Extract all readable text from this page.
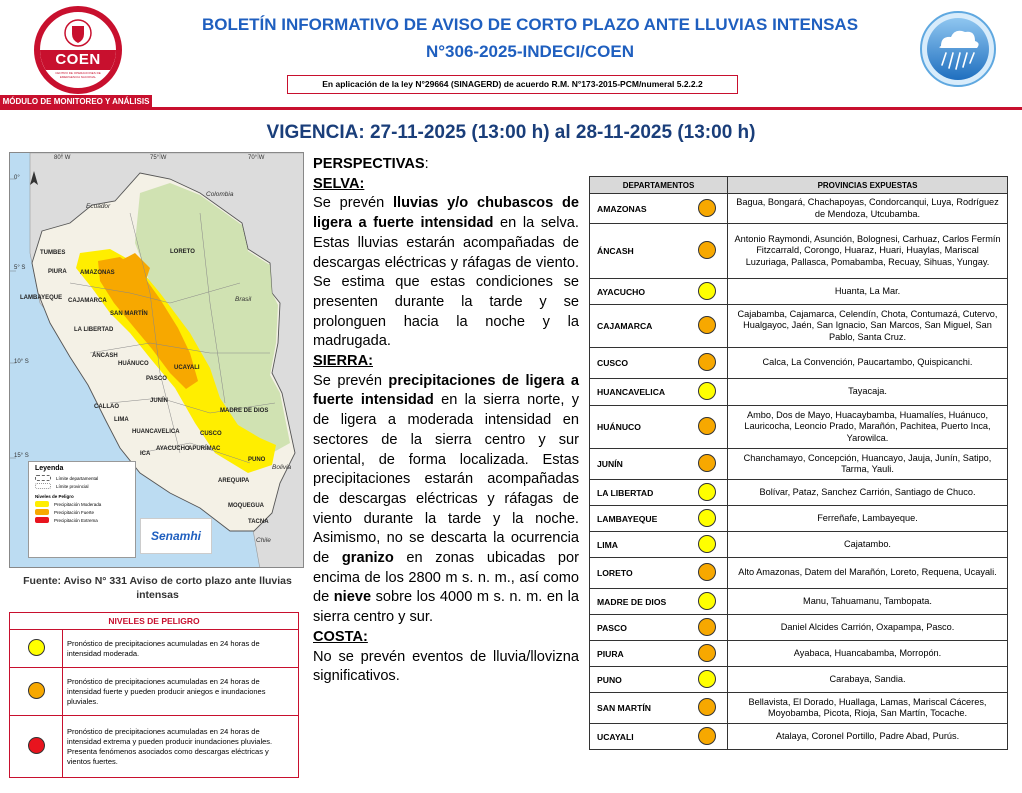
COEN
CENTRO DE OPERACIONES DE EMERGENCIA NACIONAL
MÓDULO DE MONITOREO Y ANÁLISIS
BOLETÍN INFORMATIVO DE AVISO DE CORTO PLAZO ANTE LLUVIAS INTENSAS
N°306-2025-INDECI/COEN
En aplicación de la ley N°29664 (SINAGERD) de acuerdo R.M. N°173-2015-PCM/numeral 5.2.2.2
VIGENCIA: 27-11-2025 (13:00 h) al 28-11-2025 (13:00 h)
80° W	75° W	70° W
0°
5° S
10° S
15° S
Ecuador
Colombia
Brasil
Bolivia
Chile
TUMBES	LORETO
PIURA AMAZONAS
LAMBAYEQUE CAJAMARCA
SAN MARTÍN
LA LIBERTAD
ÁNCASH
HUÁNUCO
UCAYALI
PASCO
CALLAO
JUNÍN
MADRE DE DIOS
LIMA
HUANCAVELICA	CUSCO
APURÍMAC
ICA
AYACUCHO
PUNO
AREQUIPA
MOQUEGUA
TACNA
Leyenda
Límite departamental
Límite provincial
Niveles de Peligro
Precipitación Moderada
Precipitación Fuerte
Precipitación Extrema
Senamhi
Fuente: Aviso N° 331 Aviso de corto plazo ante lluvias intensas
NIVELES DE PELIGRO	
	Pronóstico de precipitaciones acumuladas en 24 horas de intensidad moderada.
	Pronóstico de precipitaciones acumuladas en 24 horas de intensidad fuerte y pueden producir aniegos e inundaciones pluviales.
	Pronóstico de precipitaciones acumuladas en 24 horas de intensidad extrema y pueden producir inundaciones pluviales. Presenta fenómenos asociados como descargas eléctricas y vientos fuertes.

PERSPECTIVAS:

SELVA:

Se prevén lluvias y/o chubascos de ligera a fuerte intensidad en la selva. Estas lluvias estarán acompañadas de descargas eléctricas y ráfagas de viento. Se estima que estas condiciones se presenten durante la tarde y se prolonguen hacia la noche y la madrugada.

SIERRA:

Se prevén precipitaciones de ligera a fuerte intensidad en la sierra norte, y de ligera a moderada intensidad en sectores de la sierra centro y sur oriental, de forma localizada. Estas precipitaciones estarán acompañadas de descargas eléctricas y ráfagas de viento durante la tarde y la noche. Asimismo, no se descarta la ocurrencia de granizo en zonas ubicadas por encima de los 2800 m s. n. m., así como de nieve sobre los 4000 m s. n. m. en la sierra centro y sur.

COSTA:

No se prevén eventos de lluvia/llovizna significativos.

DEPARTAMENTOS		PROVINCIAS EXPUESTAS
AMAZONAS		Bagua, Bongará, Chachapoyas, Condorcanqui, Luya, Rodríguez de Mendoza, Utcubamba.
ÁNCASH		Antonio Raymondi, Asunción, Bolognesi, Carhuaz, Carlos Fermín Fitzcarrald, Corongo, Huaraz, Huari, Huaylas, Mariscal Luzuriaga, Pallasca, Pomabamba, Recuay, Sihuas, Yungay.
AYACUCHO		Huanta, La Mar.
CAJAMARCA		Cajabamba, Cajamarca, Celendín, Chota, Contumazá, Cutervo, Hualgayoc, Jaén, San Ignacio, San Marcos, San Miguel, San Pablo, Santa Cruz.
CUSCO		Calca, La Convención, Paucartambo, Quispicanchi.
HUANCAVELICA		Tayacaja.
HUÁNUCO		Ambo, Dos de Mayo, Huacaybamba, Huamalíes, Huánuco, Lauricocha, Leoncio Prado, Marañón, Pachitea, Puerto Inca, Yarowilca.
JUNÍN		Chanchamayo, Concepción, Huancayo, Jauja, Junín, Satipo, Tarma, Yauli.
LA LIBERTAD		Bolívar, Pataz, Sanchez Carrión, Santiago de Chuco.
LAMBAYEQUE		Ferreñafe, Lambayeque.
LIMA		Cajatambo.
LORETO		Alto Amazonas, Datem del Marañón, Loreto, Requena, Ucayali.
MADRE DE DIOS		Manu, Tahuamanu, Tambopata.
PASCO		Daniel Alcides Carrión, Oxapampa, Pasco.
PIURA		Ayabaca, Huancabamba, Morropón.
PUNO		Carabaya, Sandia.
SAN MARTÍN		Bellavista, El Dorado, Huallaga, Lamas, Mariscal Cáceres, Moyobamba, Picota, Rioja, San Martín, Tocache.
UCAYALI		Atalaya, Coronel Portillo, Padre Abad, Purús.
